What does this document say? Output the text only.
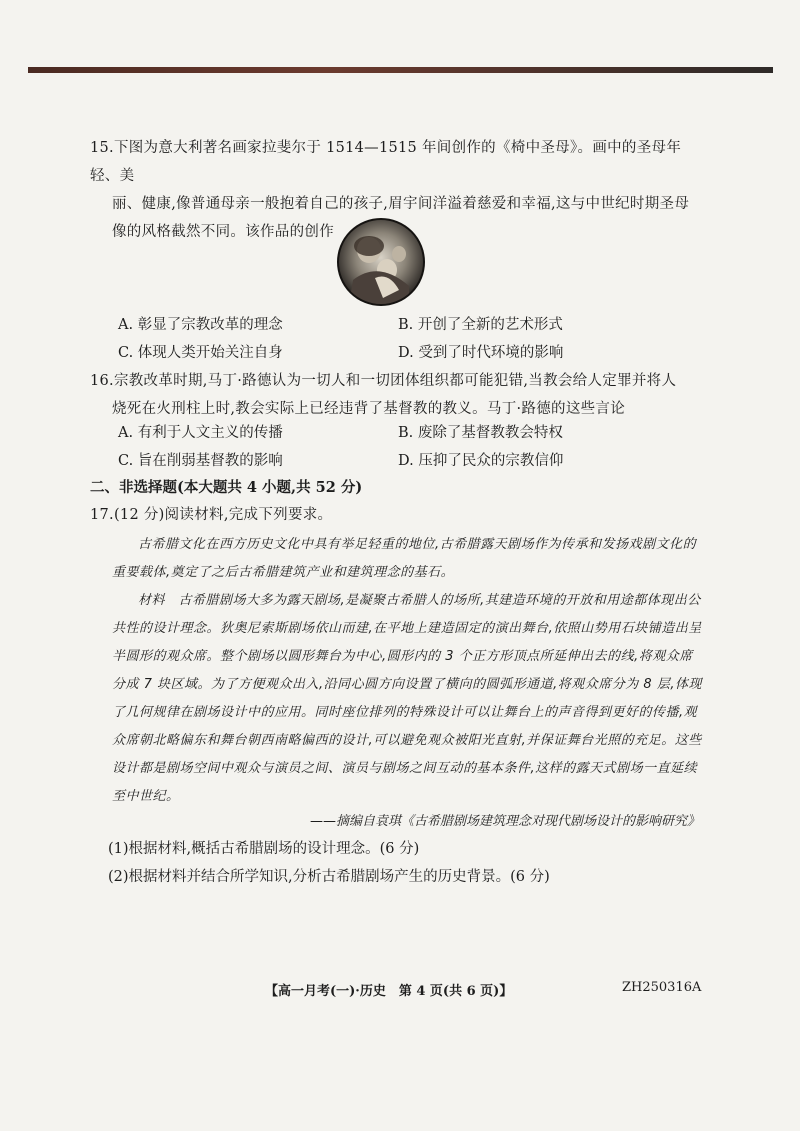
15.下图为意大利著名画家拉斐尔于 1514—1515 年间创作的《椅中圣母》。画中的圣母年轻、美
丽、健康,像普通母亲一般抱着自己的孩子,眉宇间洋溢着慈爱和幸福,这与中世纪时期圣母
像的风格截然不同。该作品的创作
A. 彰显了宗教改革的理念	B. 开创了全新的艺术形式
C. 体现人类开始关注自身	D. 受到了时代环境的影响
16.宗教改革时期,马丁·路德认为一切人和一切团体组织都可能犯错,当教会给人定罪并将人
烧死在火刑柱上时,教会实际上已经违背了基督教的教义。马丁·路德的这些言论
A. 有利于人文主义的传播	B. 废除了基督教教会特权
C. 旨在削弱基督教的影响	D. 压抑了民众的宗教信仰
二、非选择题(本大题共 4 小题,共 52 分)
17.(12 分)阅读材料,完成下列要求。

古希腊文化在西方历史文化中具有举足轻重的地位,古希腊露天剧场作为传承和发扬戏剧文化的重要载体,奠定了之后古希腊建筑产业和建筑理念的基石。

材料　古希腊剧场大多为露天剧场,是凝聚古希腊人的场所,其建造环境的开放和用途都体现出公共性的设计理念。狄奥尼索斯剧场依山而建,在平地上建造固定的演出舞台,依照山势用石块铺造出呈半圆形的观众席。整个剧场以圆形舞台为中心,圆形内的 3 个正方形顶点所延伸出去的线,将观众席分成 7 块区域。为了方便观众出入,沿同心圆方向设置了横向的圆弧形通道,将观众席分为 8 层,体现了几何规律在剧场设计中的应用。同时座位排列的特殊设计可以让舞台上的声音得到更好的传播,观众席朝北略偏东和舞台朝西南略偏西的设计,可以避免观众被阳光直射,并保证舞台光照的充足。这些设计都是剧场空间中观众与演员之间、演员与剧场之间互动的基本条件,这样的露天式剧场一直延续至中世纪。

——摘编自袁琪《古希腊剧场建筑理念对现代剧场设计的影响研究》
(1)根据材料,概括古希腊剧场的设计理念。(6 分)
(2)根据材料并结合所学知识,分析古希腊剧场产生的历史背景。(6 分)
【高一月考(一)·历史　第 4 页(共 6 页)】	ZH250316A
